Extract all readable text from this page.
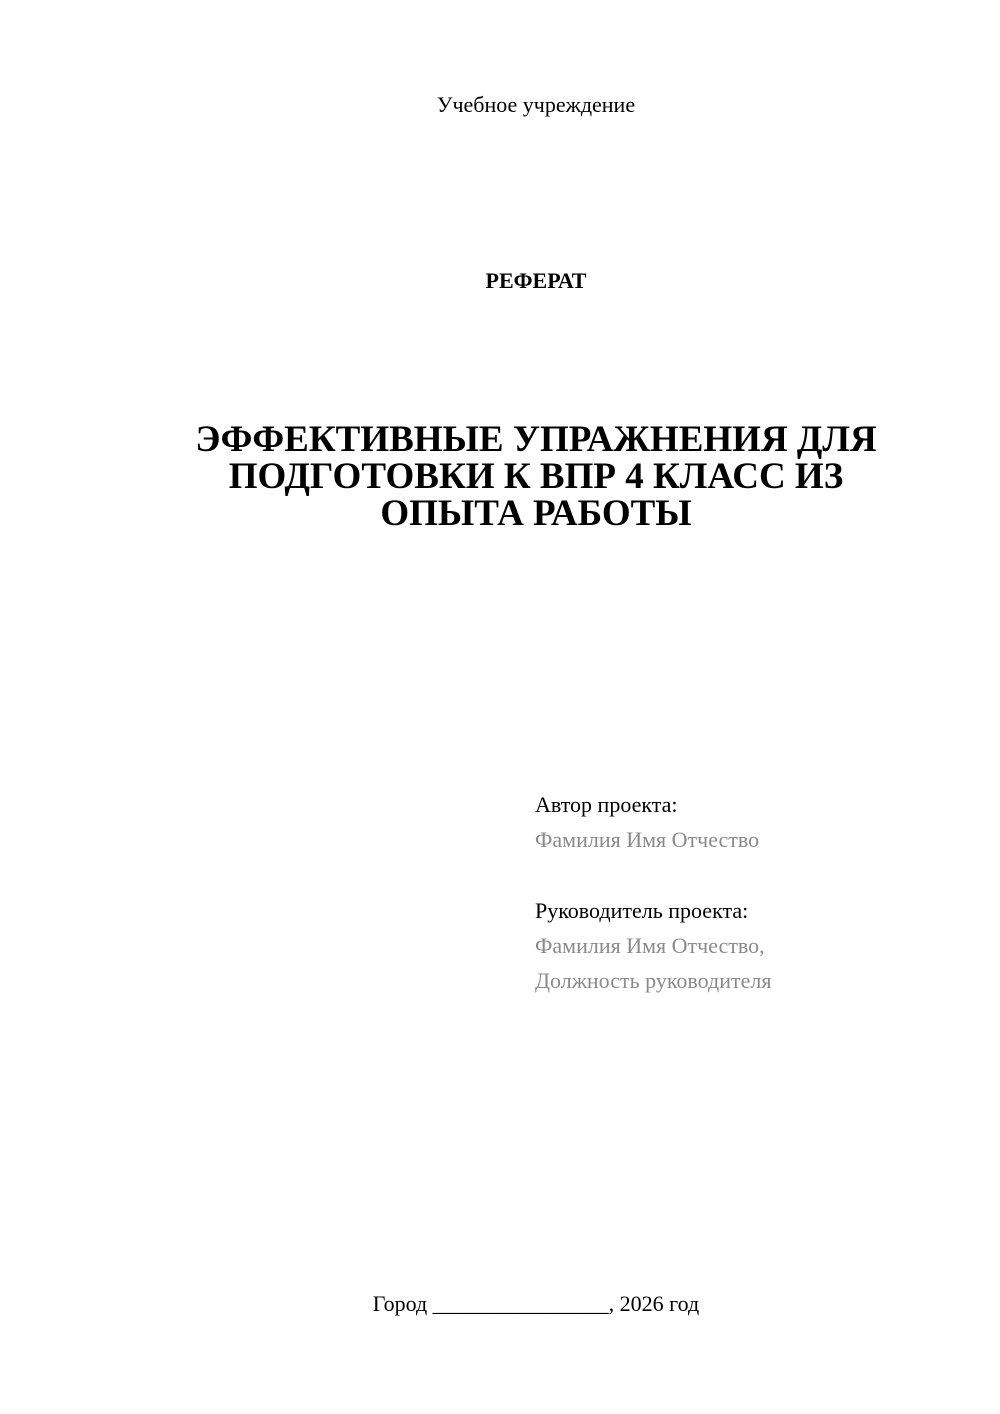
Учебное учреждение
РЕФЕРАТ
ЭФФЕКТИВНЫЕ УПРАЖНЕНИЯ ДЛЯ
ПОДГОТОВКИ К ВПР 4 КЛАСС ИЗ
ОПЫТА РАБОТЫ
Автор проекта:
Фамилия Имя Отчество
Руководитель проекта:
Фамилия Имя Отчество,
Должность руководителя
Город ________________, 2026 год
